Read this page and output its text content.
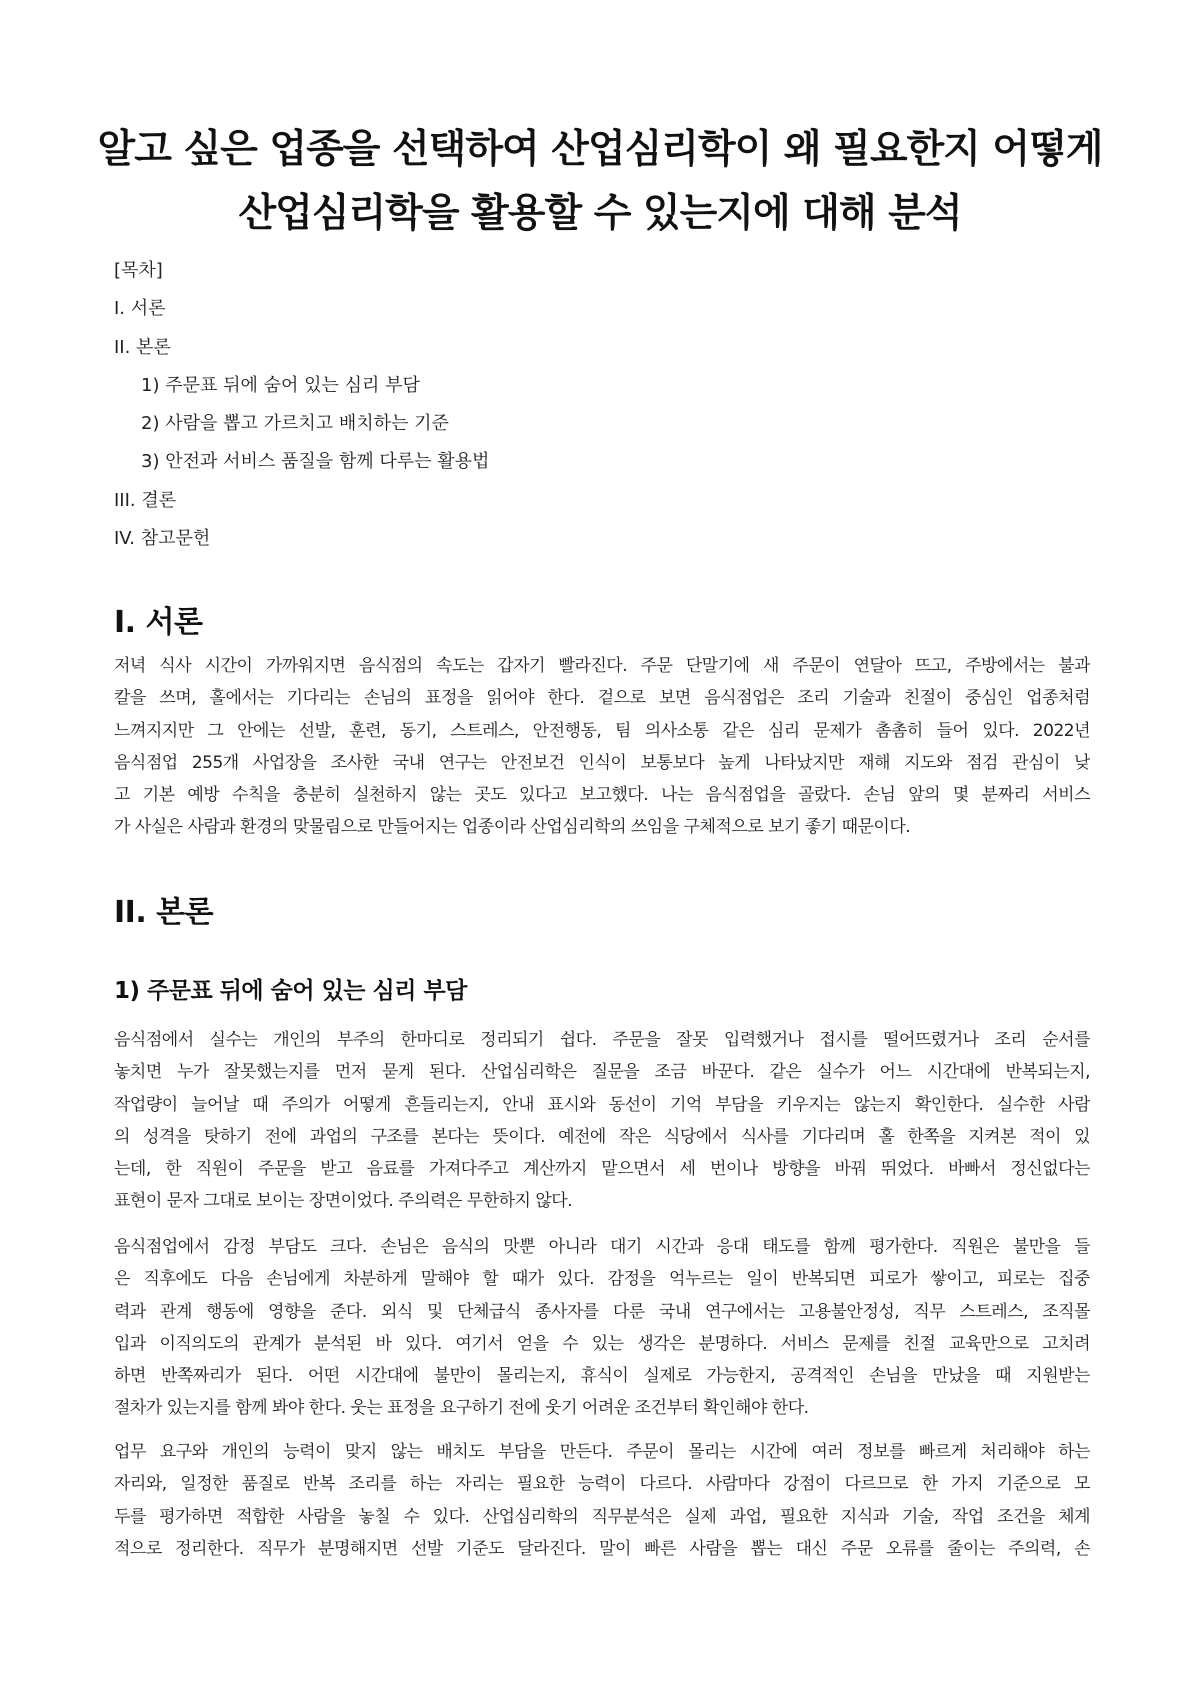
알고 싶은 업종을 선택하여 산업심리학이 왜 필요한지 어떻게
산업심리학을 활용할 수 있는지에 대해 분석
[목차]
I. 서론
II. 본론
1) 주문표 뒤에 숨어 있는 심리 부담
2) 사람을 뽑고 가르치고 배치하는 기준
3) 안전과 서비스 품질을 함께 다루는 활용법
III. 결론
IV. 참고문헌
I. 서론
저녁 식사 시간이 가까워지면 음식점의 속도는 갑자기 빨라진다. 주문 단말기에 새 주문이 연달아 뜨고, 주방에서는 불과
칼을 쓰며, 홀에서는 기다리는 손님의 표정을 읽어야 한다. 겉으로 보면 음식점업은 조리 기술과 친절이 중심인 업종처럼
느껴지지만 그 안에는 선발, 훈련, 동기, 스트레스, 안전행동, 팀 의사소통 같은 심리 문제가 촘촘히 들어 있다. 2022년
음식점업 255개 사업장을 조사한 국내 연구는 안전보건 인식이 보통보다 높게 나타났지만 재해 지도와 점검 관심이 낮
고 기본 예방 수칙을 충분히 실천하지 않는 곳도 있다고 보고했다. 나는 음식점업을 골랐다. 손님 앞의 몇 분짜리 서비스
가 사실은 사람과 환경의 맞물림으로 만들어지는 업종이라 산업심리학의 쓰임을 구체적으로 보기 좋기 때문이다.
II. 본론
1) 주문표 뒤에 숨어 있는 심리 부담
음식점에서 실수는 개인의 부주의 한마디로 정리되기 쉽다. 주문을 잘못 입력했거나 접시를 떨어뜨렸거나 조리 순서를
놓치면 누가 잘못했는지를 먼저 묻게 된다. 산업심리학은 질문을 조금 바꾼다. 같은 실수가 어느 시간대에 반복되는지,
작업량이 늘어날 때 주의가 어떻게 흔들리는지, 안내 표시와 동선이 기억 부담을 키우지는 않는지 확인한다. 실수한 사람
의 성격을 탓하기 전에 과업의 구조를 본다는 뜻이다. 예전에 작은 식당에서 식사를 기다리며 홀 한쪽을 지켜본 적이 있
는데, 한 직원이 주문을 받고 음료를 가져다주고 계산까지 맡으면서 세 번이나 방향을 바꿔 뛰었다. 바빠서 정신없다는
표현이 문자 그대로 보이는 장면이었다. 주의력은 무한하지 않다.
음식점업에서 감정 부담도 크다. 손님은 음식의 맛뿐 아니라 대기 시간과 응대 태도를 함께 평가한다. 직원은 불만을 들
은 직후에도 다음 손님에게 차분하게 말해야 할 때가 있다. 감정을 억누르는 일이 반복되면 피로가 쌓이고, 피로는 집중
력과 관계 행동에 영향을 준다. 외식 및 단체급식 종사자를 다룬 국내 연구에서는 고용불안정성, 직무 스트레스, 조직몰
입과 이직의도의 관계가 분석된 바 있다. 여기서 얻을 수 있는 생각은 분명하다. 서비스 문제를 친절 교육만으로 고치려
하면 반쪽짜리가 된다. 어떤 시간대에 불만이 몰리는지, 휴식이 실제로 가능한지, 공격적인 손님을 만났을 때 지원받는
절차가 있는지를 함께 봐야 한다. 웃는 표정을 요구하기 전에 웃기 어려운 조건부터 확인해야 한다.
업무 요구와 개인의 능력이 맞지 않는 배치도 부담을 만든다. 주문이 몰리는 시간에 여러 정보를 빠르게 처리해야 하는
자리와, 일정한 품질로 반복 조리를 하는 자리는 필요한 능력이 다르다. 사람마다 강점이 다르므로 한 가지 기준으로 모
두를 평가하면 적합한 사람을 놓칠 수 있다. 산업심리학의 직무분석은 실제 과업, 필요한 지식과 기술, 작업 조건을 체계
적으로 정리한다. 직무가 분명해지면 선발 기준도 달라진다. 말이 빠른 사람을 뽑는 대신 주문 오류를 줄이는 주의력, 손
